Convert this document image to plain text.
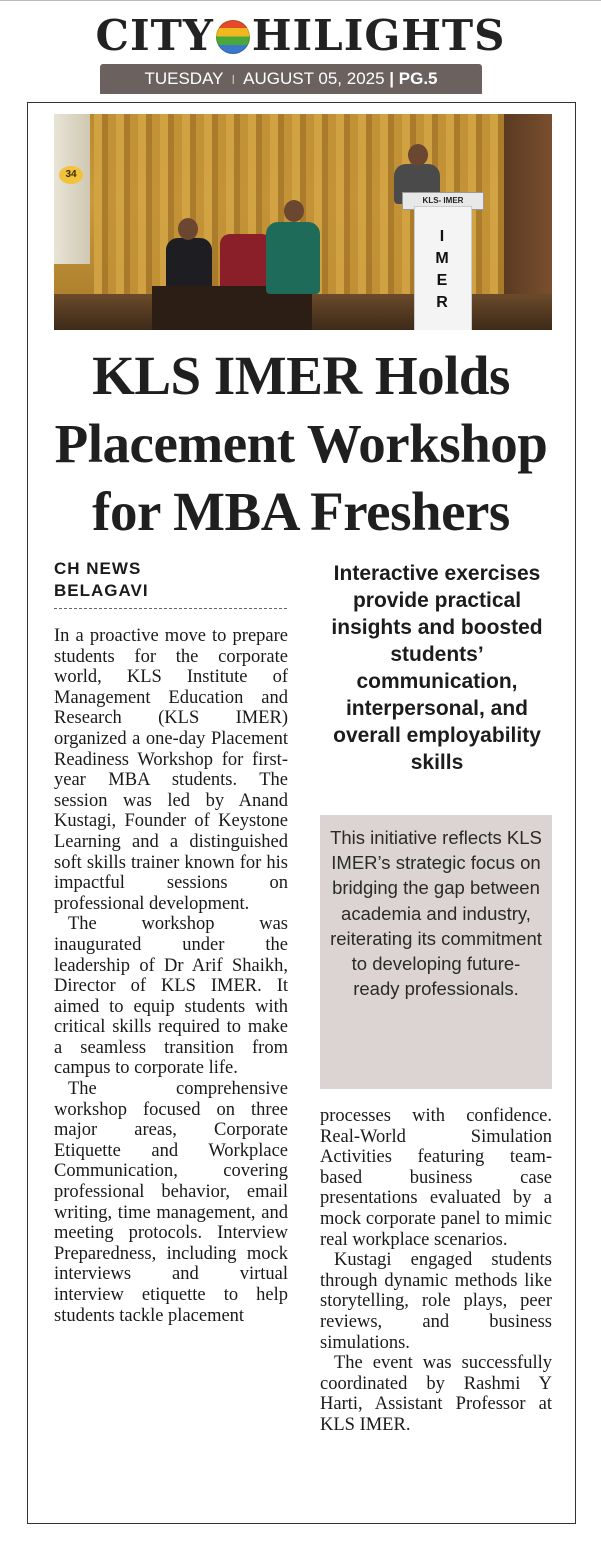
CITY HILIGHTS
TUESDAY I AUGUST 05, 2025 | PG.5
34
KLS- IMER
I
M
E
R
KLS IMER Holds Placement Workshop for MBA Freshers
CH NEWS
BELAGAVI
Interactive exercises provide practical insights and boosted students’ communication, interpersonal, and overall employability skills
This initiative reflects KLS IMER’s strategic focus on bridging the gap between academia and industry, reiterating its commitment to developing future-ready professionals.

In a proactive move to prepare students for the corporate world, KLS Institute of Management Education and Research (KLS IMER) organized a one-day Placement Readiness Workshop for first-year MBA students. The session was led by Anand Kustagi, Founder of Keystone Learning and a distinguished soft skills trainer known for his impactful sessions on professional development.

The workshop was inaugurated under the leadership of Dr Arif Shaikh, Director of KLS IMER. It aimed to equip students with critical skills required to make a seamless transition from campus to corporate life.

The comprehensive workshop focused on three major areas, Corporate Etiquette and Workplace Communication, covering professional behavior, email writing, time management, and meeting protocols. Interview Preparedness, including mock interviews and virtual interview etiquette to help students tackle placement

processes with confidence. Real-World Simulation Activities featuring team-based business case presentations evaluated by a mock corporate panel to mimic real workplace scenarios.

Kustagi engaged students through dynamic methods like storytelling, role plays, peer reviews, and business simulations.

The event was successfully coordinated by Rashmi Y Harti, Assistant Professor at KLS IMER.
